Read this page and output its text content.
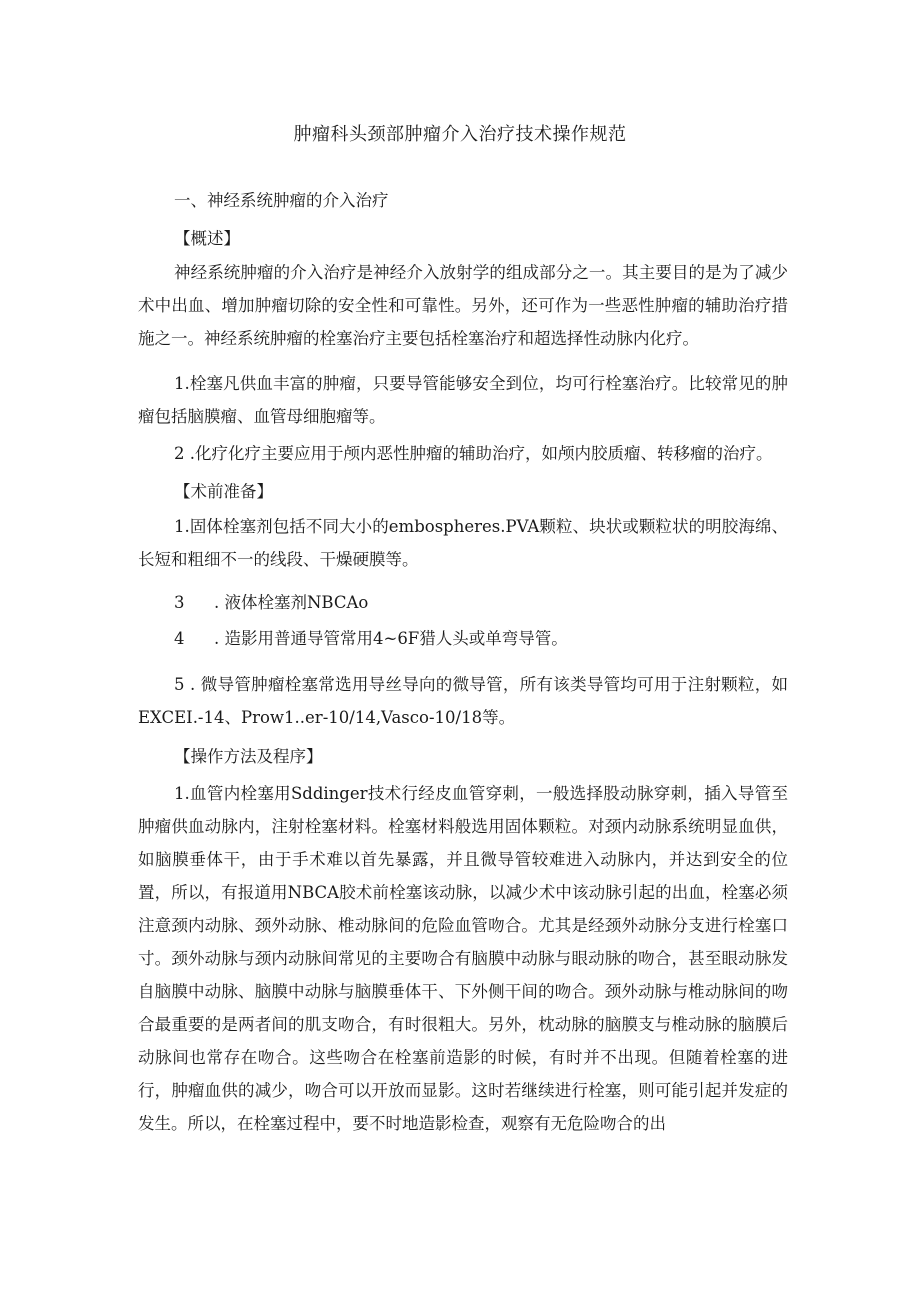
肿瘤科头颈部肿瘤介入治疗技术操作规范
一、神经系统肿瘤的介入治疗
【概述】
神经系统肿瘤的介入治疗是神经介入放射学的组成部分之一。其主要目的是为了减少术中出血、增加肿瘤切除的安全性和可靠性。另外，还可作为一些恶性肿瘤的辅助治疗措施之一。神经系统肿瘤的栓塞治疗主要包括栓塞治疗和超选择性动脉内化疗。
1.栓塞凡供血丰富的肿瘤，只要导管能够安全到位，均可行栓塞治疗。比较常见的肿瘤包括脑膜瘤、血管母细胞瘤等。
2 .化疗化疗主要应用于颅内恶性肿瘤的辅助治疗，如颅内胶质瘤、转移瘤的治疗。
【术前准备】
1.固体栓塞剂包括不同大小的embospheres.PVA颗粒、块状或颗粒状的明胶海绵、长短和粗细不一的线段、干燥硬膜等。
3 . 液体栓塞剂NBCAo
4 . 造影用普通导管常用4~6F猎人头或单弯导管。
5 . 微导管肿瘤栓塞常选用导丝导向的微导管，所有该类导管均可用于注射颗粒，如EXCEI.-14、Prow1..er-10/14,Vasco-10/18等。
【操作方法及程序】
1.血管内栓塞用Sddinger技术行经皮血管穿刺，一般选择股动脉穿刺，插入导管至肿瘤供血动脉内，注射栓塞材料。栓塞材料般选用固体颗粒。对颈内动脉系统明显血供，如脑膜垂体干，由于手术难以首先暴露，并且微导管较难进入动脉内，并达到安全的位置，所以，有报道用NBCA胶术前栓塞该动脉，以减少术中该动脉引起的出血，栓塞必须注意颈内动脉、颈外动脉、椎动脉间的危险血管吻合。尤其是经颈外动脉分支进行栓塞口寸。颈外动脉与颈内动脉间常见的主要吻合有脑膜中动脉与眼动脉的吻合，甚至眼动脉发自脑膜中动脉、脑膜中动脉与脑膜垂体干、下外侧干间的吻合。颈外动脉与椎动脉间的吻合最重要的是两者间的肌支吻合，有时很粗大。另外，枕动脉的脑膜支与椎动脉的脑膜后动脉间也常存在吻合。这些吻合在栓塞前造影的时候，有时并不出现。但随着栓塞的进行，肿瘤血供的减少，吻合可以开放而显影。这时若继续进行栓塞，则可能引起并发症的发生。所以，在栓塞过程中，要不时地造影检查，观察有无危险吻合的出
